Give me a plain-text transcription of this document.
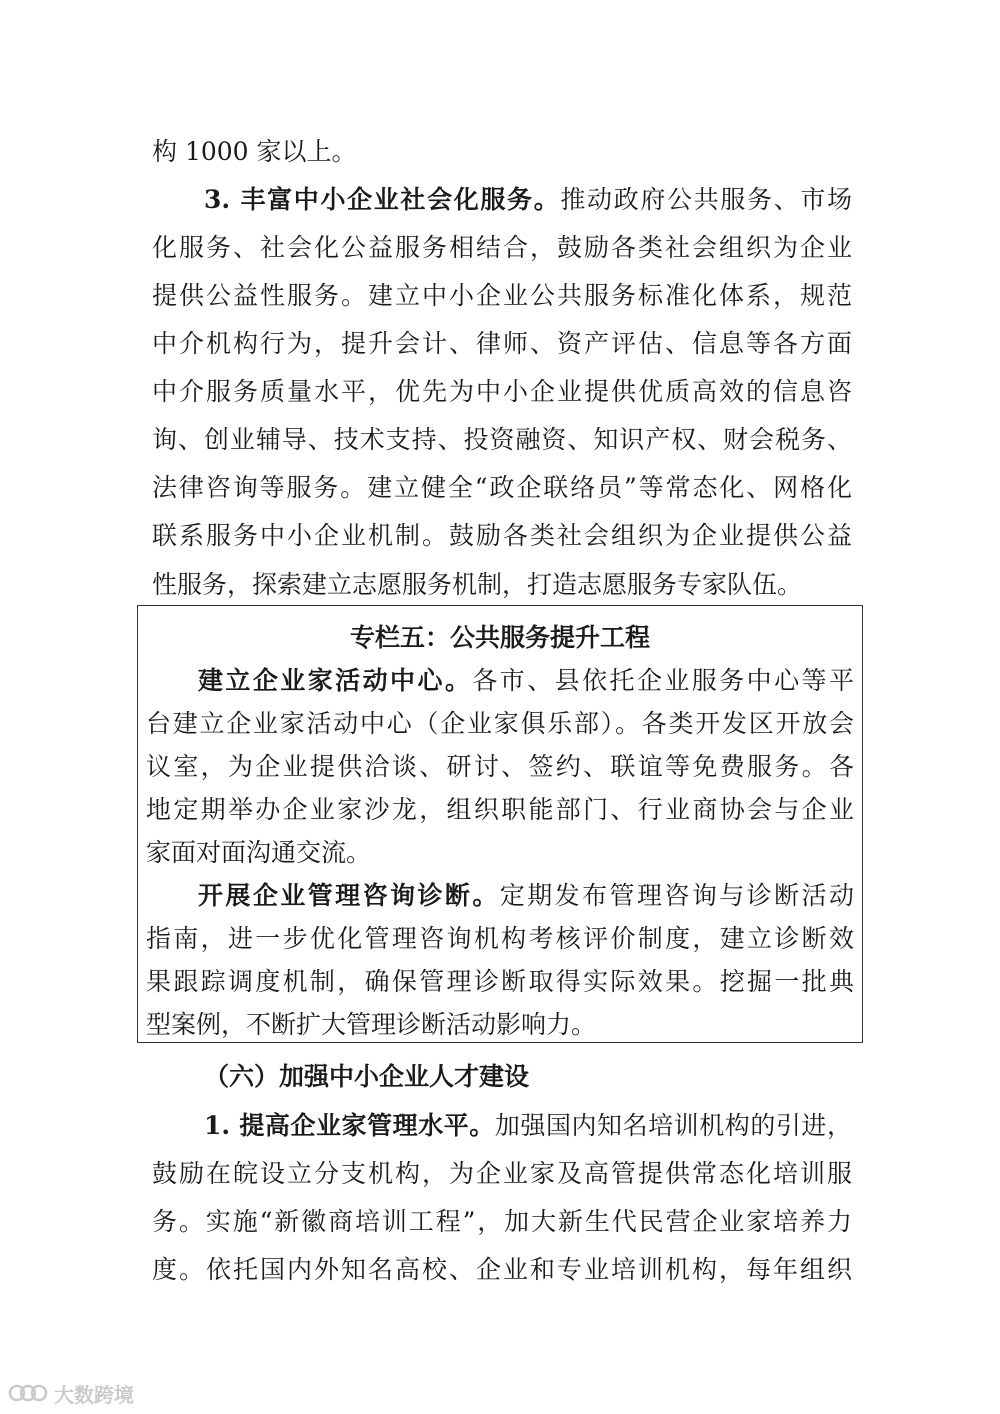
构 1000 家以上。
3. 丰富中小企业社会化服务。推动政府公共服务、市场
化服务、社会化公益服务相结合，鼓励各类社会组织为企业
提供公益性服务。建立中小企业公共服务标准化体系，规范
中介机构行为，提升会计、律师、资产评估、信息等各方面
中介服务质量水平，优先为中小企业提供优质高效的信息咨
询、创业辅导、技术支持、投资融资、知识产权、财会税务、
法律咨询等服务。建立健全“政企联络员”等常态化、网格化
联系服务中小企业机制。鼓励各类社会组织为企业提供公益
性服务，探索建立志愿服务机制，打造志愿服务专家队伍。
专栏五：公共服务提升工程
建立企业家活动中心。各市、县依托企业服务中心等平
台建立企业家活动中心（企业家俱乐部）。各类开发区开放会
议室，为企业提供洽谈、研讨、签约、联谊等免费服务。各
地定期举办企业家沙龙，组织职能部门、行业商协会与企业
家面对面沟通交流。
开展企业管理咨询诊断。定期发布管理咨询与诊断活动
指南，进一步优化管理咨询机构考核评价制度，建立诊断效
果跟踪调度机制，确保管理诊断取得实际效果。挖掘一批典
型案例，不断扩大管理诊断活动影响力。
（六）加强中小企业人才建设
1. 提高企业家管理水平。加强国内知名培训机构的引进，
鼓励在皖设立分支机构，为企业家及高管提供常态化培训服
务。实施“新徽商培训工程”，加大新生代民营企业家培养力
度。依托国内外知名高校、企业和专业培训机构，每年组织
大数跨境
